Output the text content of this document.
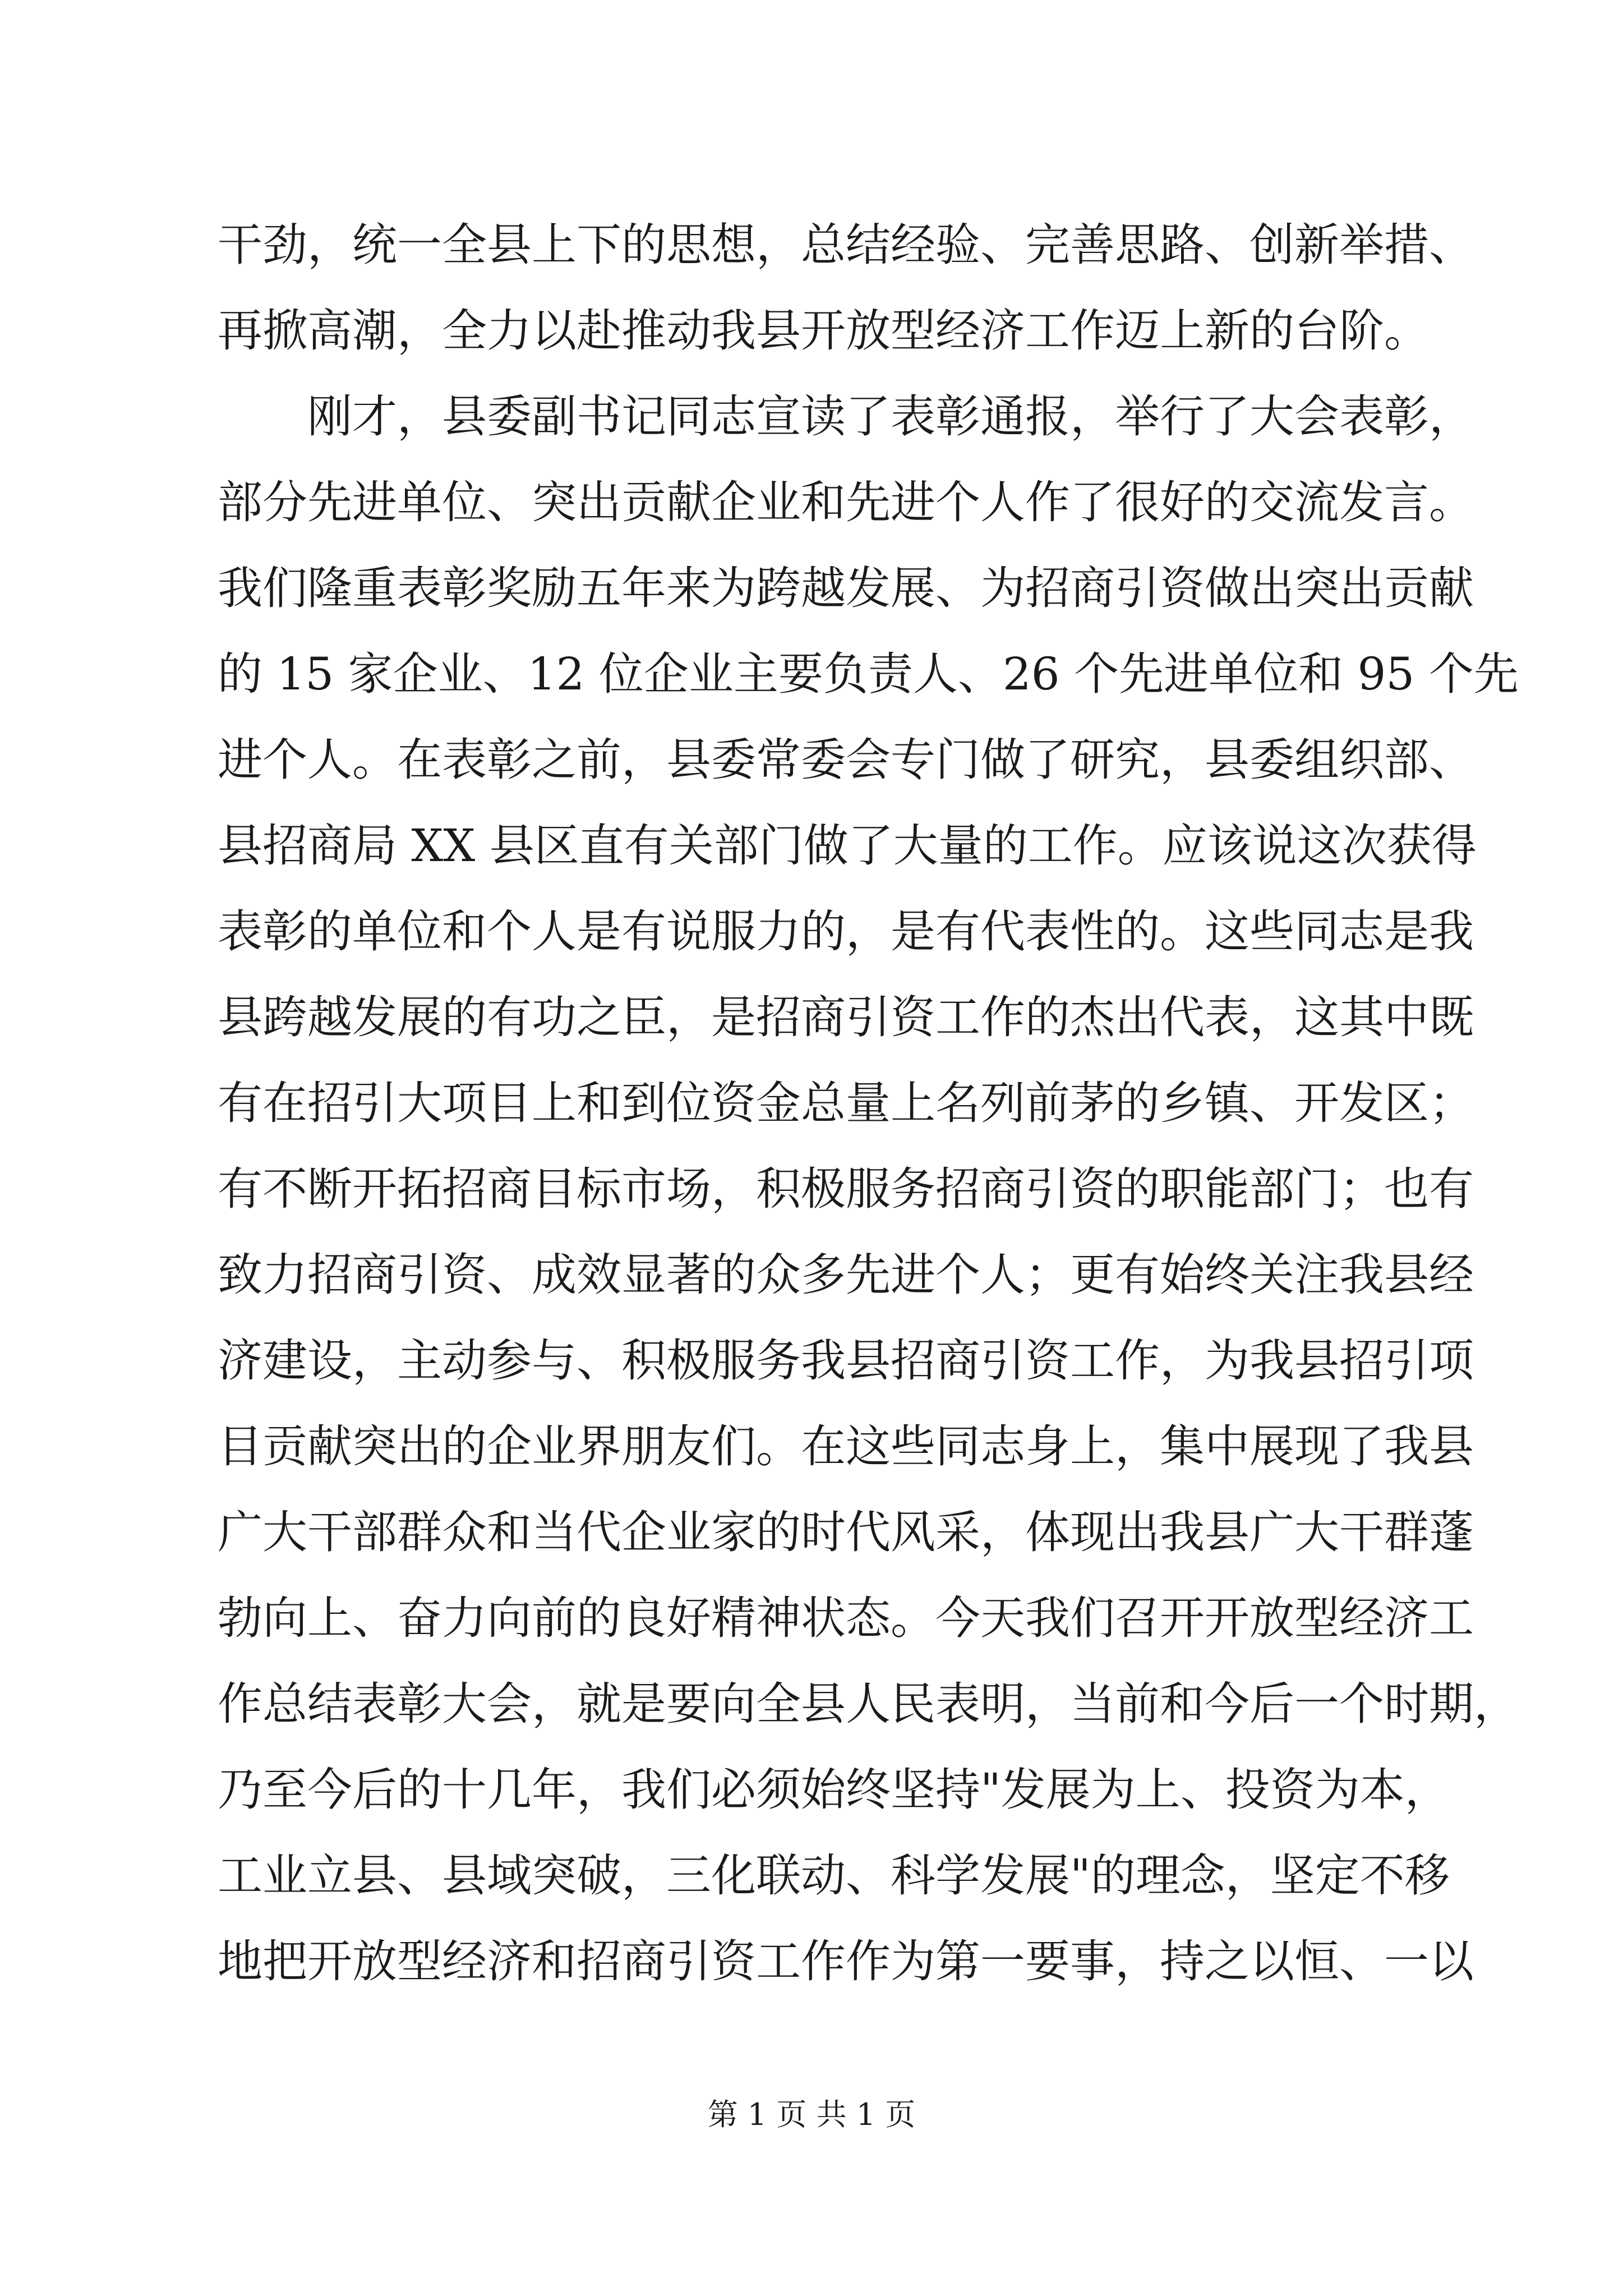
干劲，统一全县上下的思想，总结经验、完善思路、创新举措、
再掀高潮，全力以赴推动我县开放型经济工作迈上新的台阶。
刚才，县委副书记同志宣读了表彰通报，举行了大会表彰，
部分先进单位、突出贡献企业和先进个人作了很好的交流发言。
我们隆重表彰奖励五年来为跨越发展、为招商引资做出突出贡献
的 15 家企业、12 位企业主要负责人、26 个先进单位和 95 个先
进个人。在表彰之前，县委常委会专门做了研究，县委组织部、
县招商局 XX 县区直有关部门做了大量的工作。应该说这次获得
表彰的单位和个人是有说服力的，是有代表性的。这些同志是我
县跨越发展的有功之臣，是招商引资工作的杰出代表，这其中既
有在招引大项目上和到位资金总量上名列前茅的乡镇、开发区；
有不断开拓招商目标市场，积极服务招商引资的职能部门；也有
致力招商引资、成效显著的众多先进个人；更有始终关注我县经
济建设，主动参与、积极服务我县招商引资工作，为我县招引项
目贡献突出的企业界朋友们。在这些同志身上，集中展现了我县
广大干部群众和当代企业家的时代风采，体现出我县广大干群蓬
勃向上、奋力向前的良好精神状态。今天我们召开开放型经济工
作总结表彰大会，就是要向全县人民表明，当前和今后一个时期，
乃至今后的十几年，我们必须始终坚持"发展为上、投资为本，
工业立县、县域突破，三化联动、科学发展"的理念，坚定不移
地把开放型经济和招商引资工作作为第一要事，持之以恒、一以
第 1 页 共 1 页
